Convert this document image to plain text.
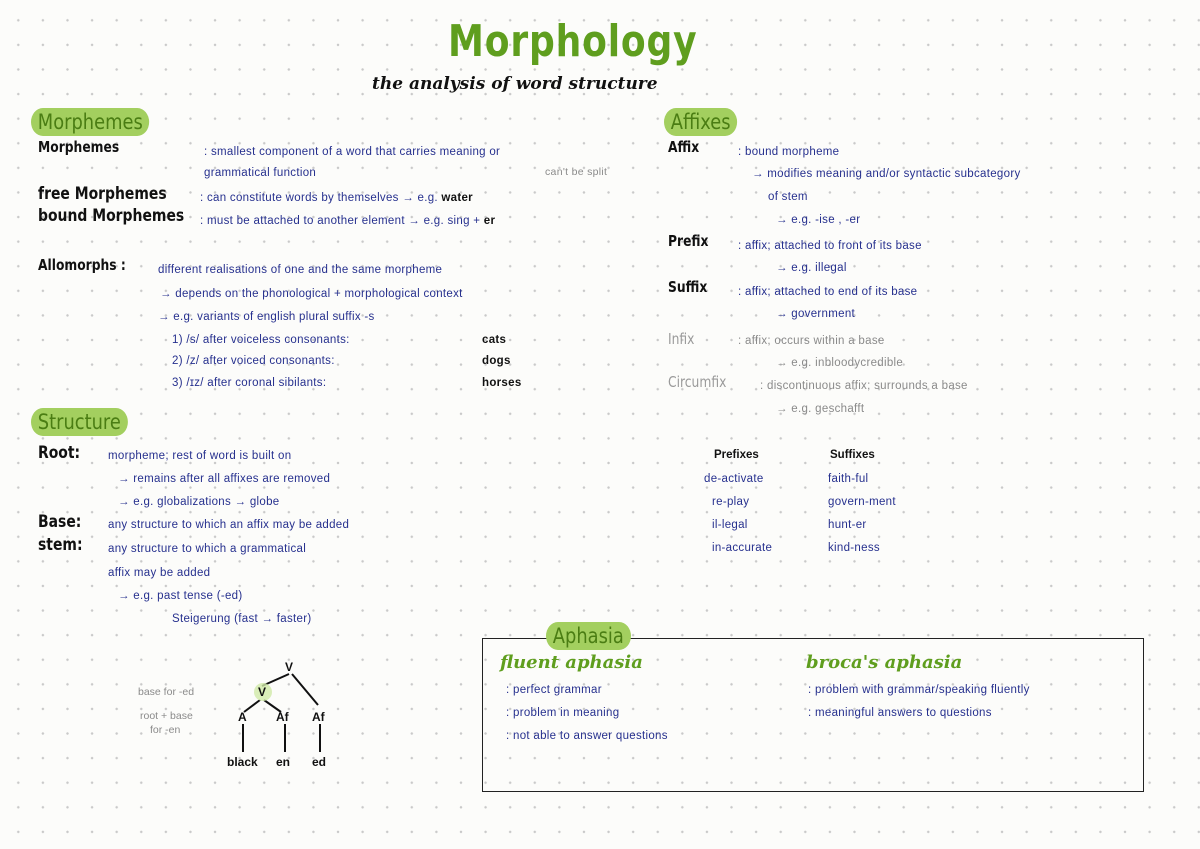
Morphology
the analysis of word structure
Morphemes
Morphemes	: smallest component of a word that carries meaning or
grammatical function	can't be split
free Morphemes	: can constitute words by themselves → e.g. water
bound Morphemes : must be attached to another element → e.g. sing + er
Allomorphs :	different realisations of one and the same morpheme
→ depends on the phonological + morphological context
→ e.g. variants of english plural suffix -s
1) /s/ after voiceless consonants:	cats
2) /z/ after voiced consonants:	dogs
3) /ɪz/ after coronal sibilants:	horses
Affixes
Affix	: bound morpheme
→ modifies meaning and/or syntactic subcategory
of stem
→ e.g. -ise , -er
Prefix	: affix; attached to front of its base
→ e.g. illegal
Suffix	: affix; attached to end of its base
→ government
Infix	: affix; occurs within a base
→ e.g. inbloodycredible
Circumfix	: discontinuous affix; surrounds a base
→ e.g. geschafft
Structure
Root: morpheme; rest of word is built on
→ remains after all affixes are removed
→ e.g. globalizations → globe
Base: any structure to which an affix may be added
stem: any structure to which a grammatical
affix may be added
→ e.g. past tense (-ed)
Steigerung (fast → faster)
Prefixes	Suffixes
de-activate	faith-ful
re-play	govern-ment
il-legal	hunt-er
in-accurate	kind-ness
V
V
A Af Af
black en ed
base for -ed
root + base
for -en
Aphasia
fluent aphasia
: perfect grammar
: problem in meaning
: not able to answer questions
broca's aphasia
: problem with grammar/speaking fluently
: meaningful answers to questions
